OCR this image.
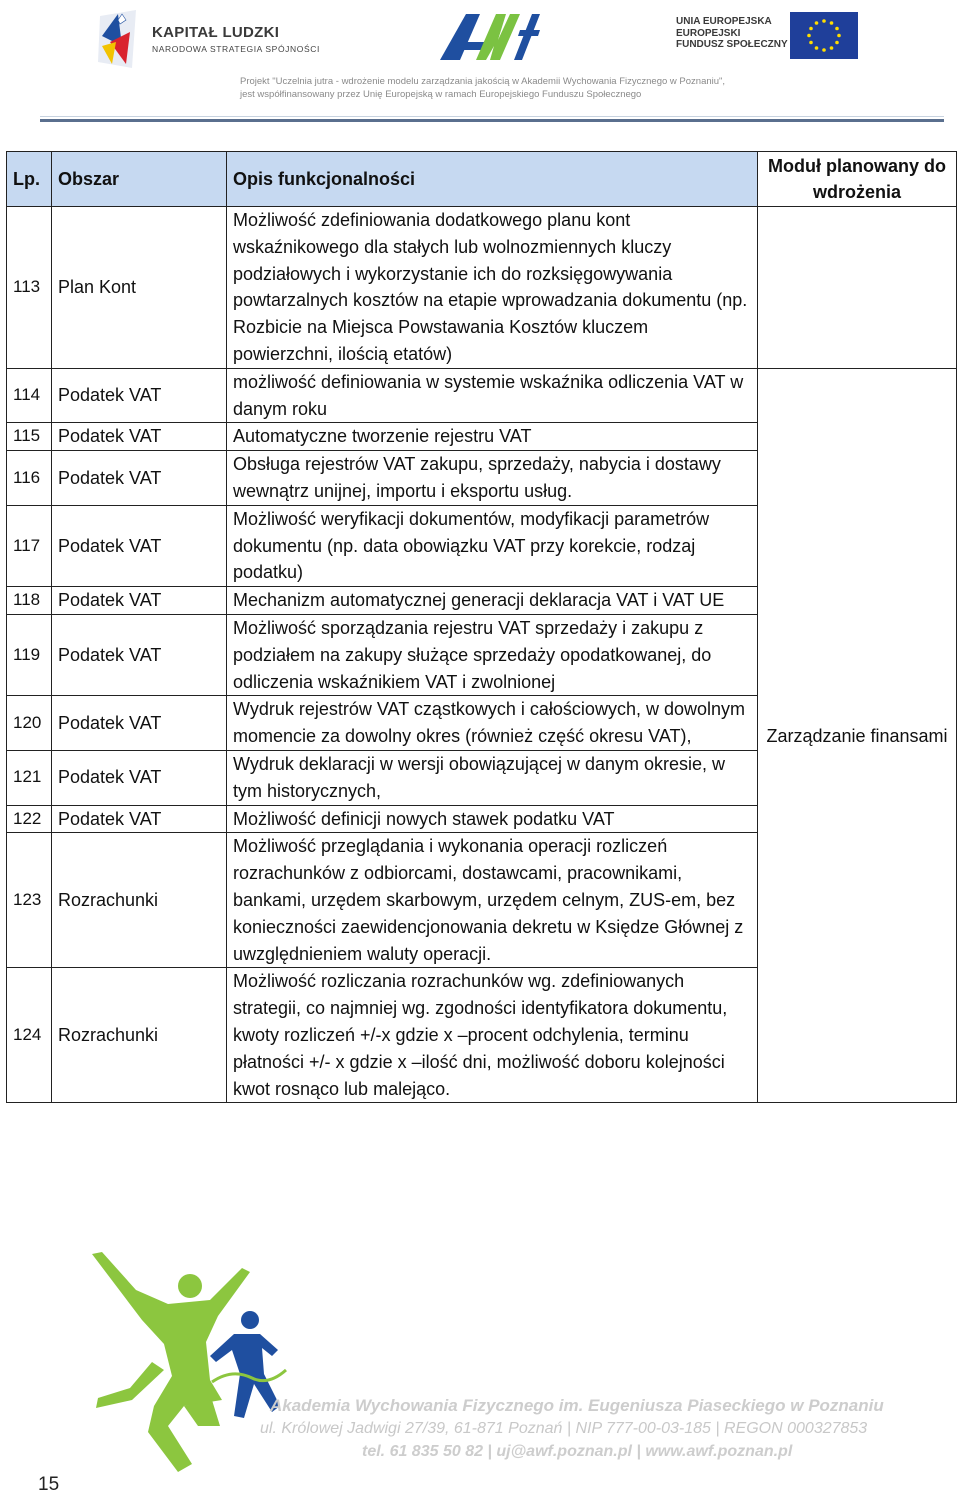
KAPITAŁ LUDZKI
NARODOWA STRATEGIA SPÓJNOŚCI
UNIA EUROPEJSKA
EUROPEJSKI
FUNDUSZ SPOŁECZNY
Projekt "Uczelnia jutra - wdrożenie modelu zarządzania jakością w Akademii Wychowania Fizycznego w Poznaniu",
jest współfinansowany przez Unię Europejską w ramach Europejskiego Funduszu Społecznego
Lp.	Obszar	Opis funkcjonalności	Moduł planowany do wdrożenia
113	Plan Kont	Możliwość zdefiniowania dodatkowego planu kont wskaźnikowego dla stałych lub wolnozmiennych kluczy podziałowych i wykorzystanie ich do rozksięgowywania powtarzalnych kosztów na etapie wprowadzania dokumentu (np. Rozbicie na Miejsca Powstawania Kosztów kluczem powierzchni, ilością etatów)	
114	Podatek VAT	możliwość definiowania w systemie wskaźnika odliczenia VAT w danym roku	Zarządzanie finansami
115	Podatek VAT	Automatyczne tworzenie rejestru VAT	
116	Podatek VAT	Obsługa rejestrów VAT zakupu, sprzedaży, nabycia i dostawy wewnątrz unijnej, importu i eksportu usług.	
117	Podatek VAT	Możliwość weryfikacji dokumentów, modyfikacji parametrów dokumentu (np. data obowiązku VAT przy korekcie, rodzaj podatku)	
118	Podatek VAT	Mechanizm automatycznej generacji deklaracja VAT i VAT UE	
119	Podatek VAT	Możliwość sporządzania rejestru VAT sprzedaży i zakupu z podziałem na zakupy służące sprzedaży opodatkowanej, do odliczenia wskaźnikiem VAT i zwolnionej	
120	Podatek VAT	Wydruk rejestrów VAT cząstkowych i całościowych, w dowolnym momencie za dowolny okres (również część okresu VAT),	
121	Podatek VAT	Wydruk deklaracji w wersji obowiązującej w danym okresie, w tym historycznych,	
122	Podatek VAT	Możliwość definicji nowych stawek podatku VAT	
123	Rozrachunki	Możliwość przeglądania i wykonania operacji rozliczeń rozrachunków z odbiorcami, dostawcami, pracownikami, bankami, urzędem skarbowym, urzędem celnym, ZUS-em, bez konieczności zaewidencjonowania dekretu w Księdze Głównej z uwzględnieniem waluty operacji.	
124	Rozrachunki	Możliwość rozliczania rozrachunków wg. zdefiniowanych strategii, co najmniej wg. zgodności identyfikatora dokumentu, kwoty rozliczeń +/-x gdzie x –procent odchylenia, terminu płatności +/- x gdzie x –ilość dni, możliwość doboru kolejności kwot rosnąco lub malejąco.	
Akademia Wychowania Fizycznego im. Eugeniusza Piaseckiego w Poznaniu
ul. Królowej Jadwigi 27/39, 61-871 Poznań | NIP 777-00-03-185 | REGON 000327853
tel. 61 835 50 82 | uj@awf.poznan.pl | www.awf.poznan.pl
15
